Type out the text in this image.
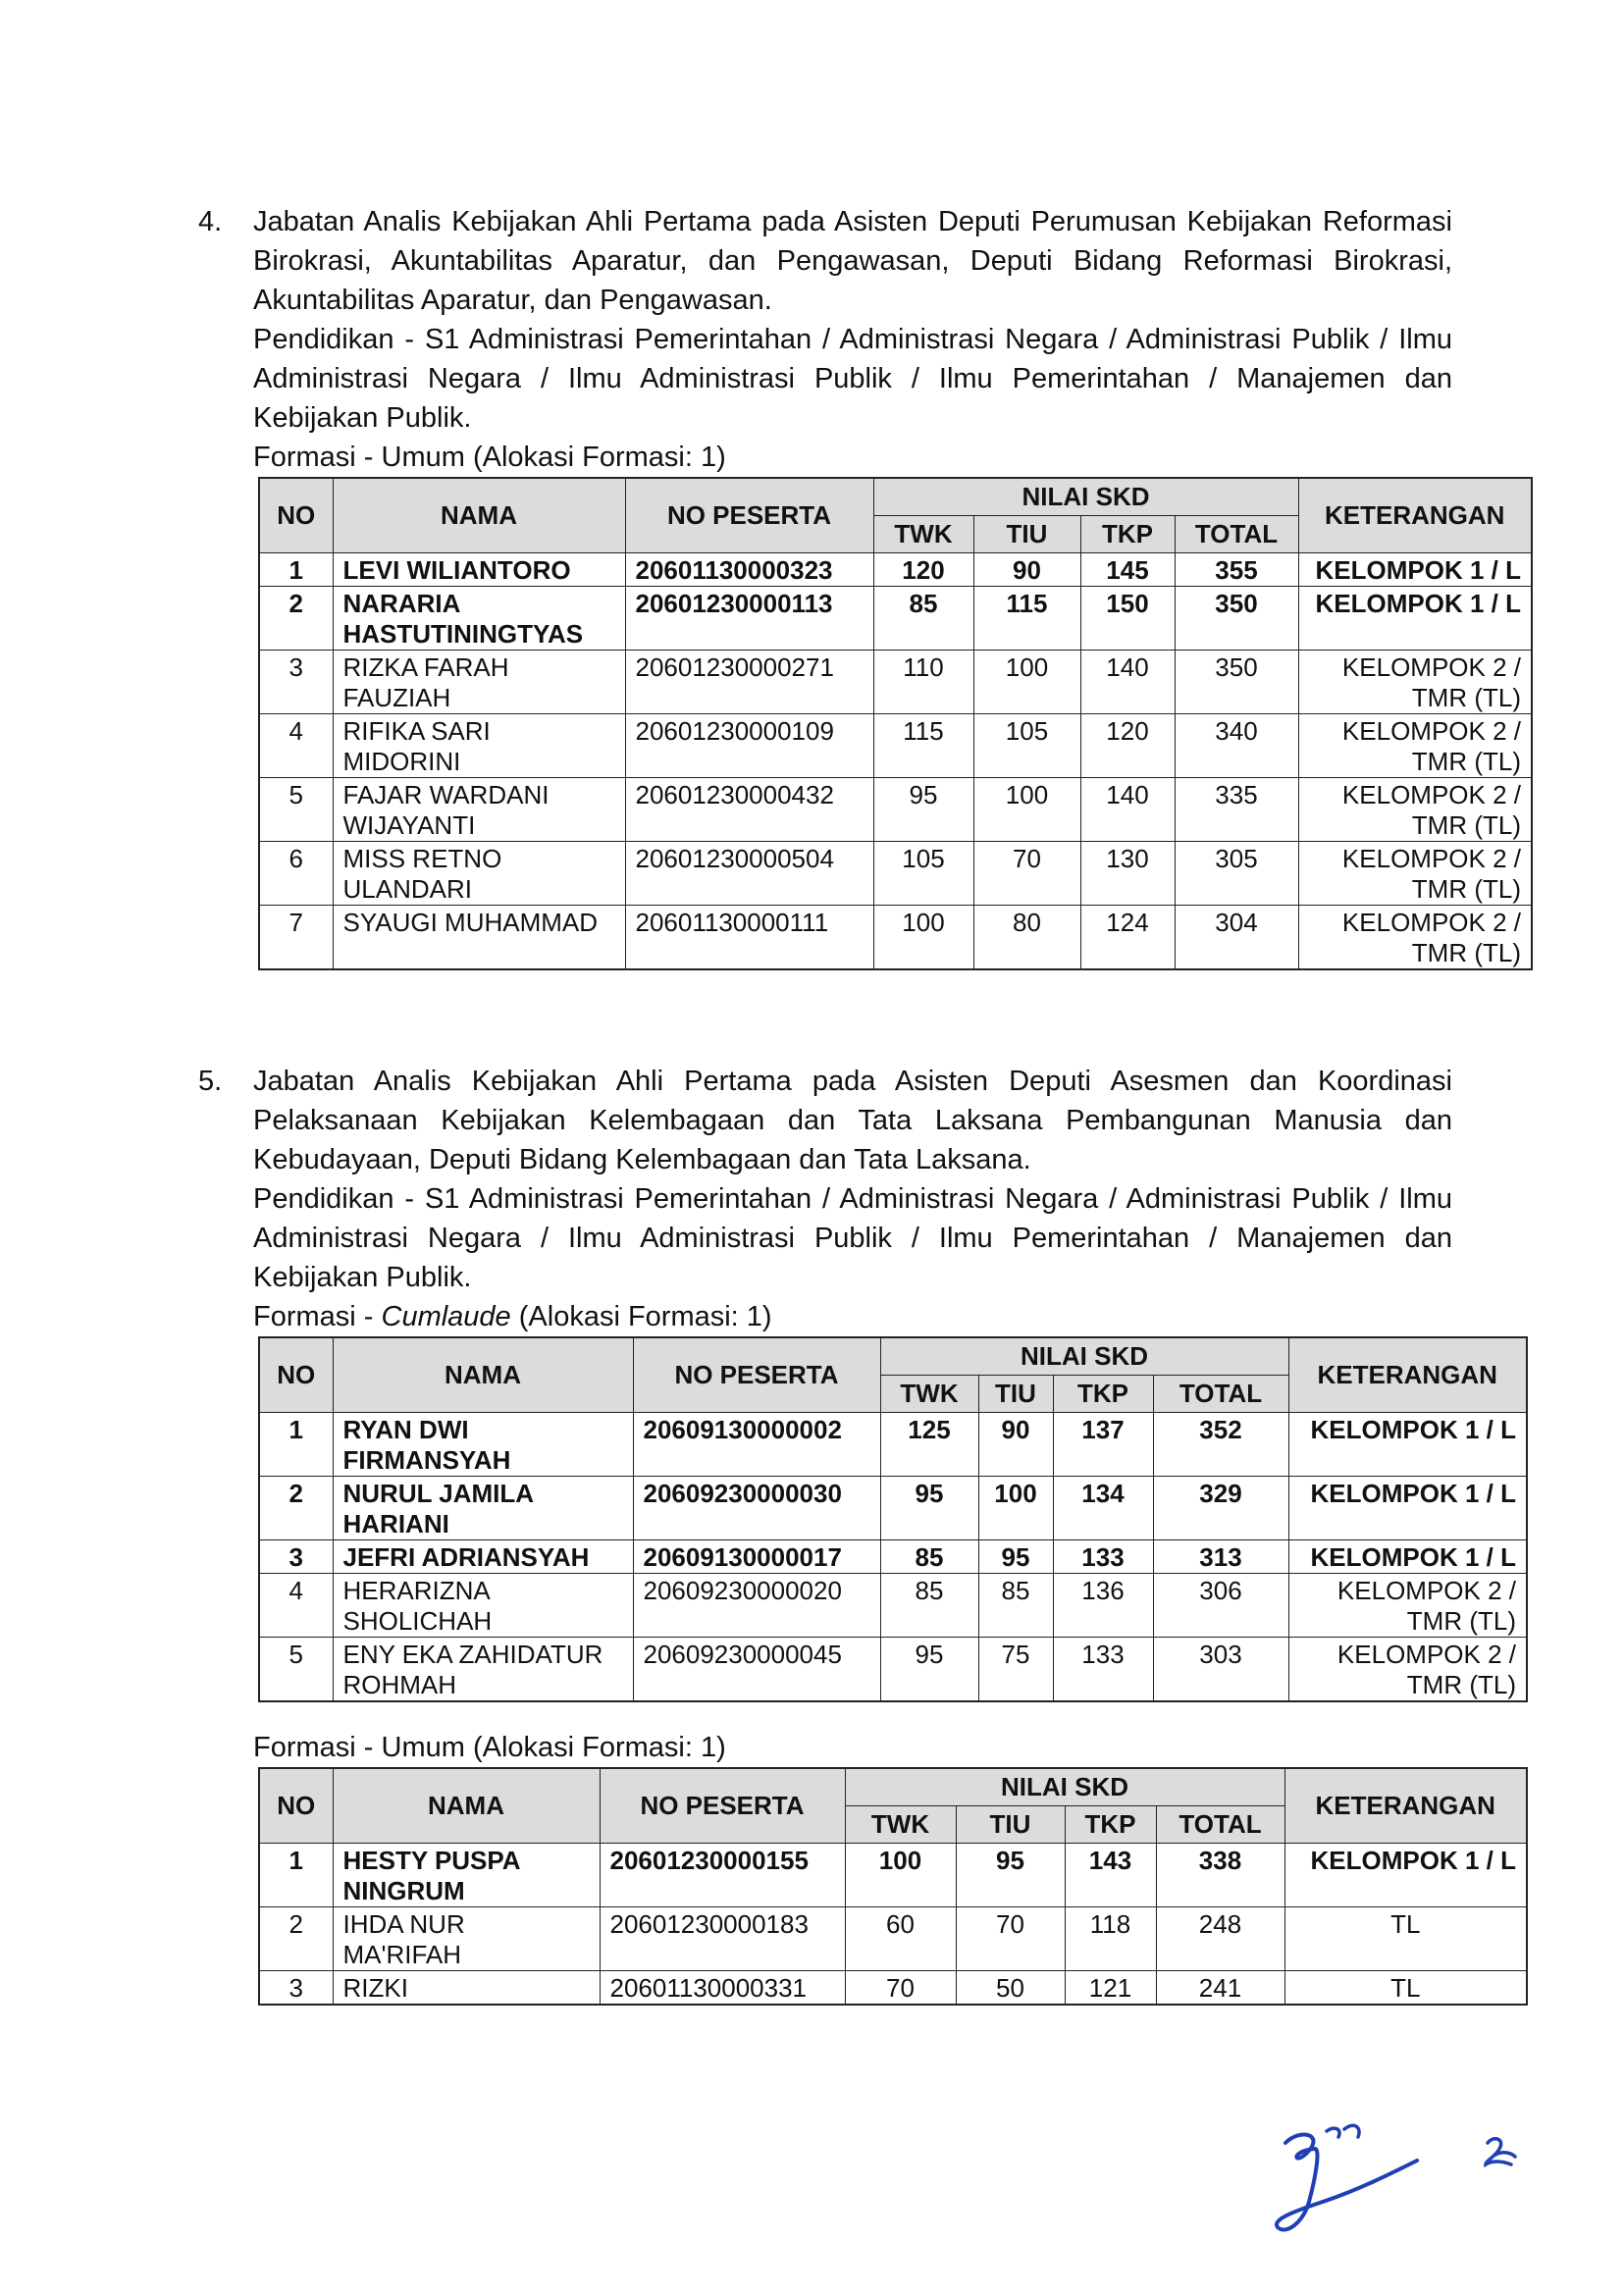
4. Jabatan Analis Kebijakan Ahli Pertama pada Asisten Deputi Perumusan Kebijakan Reformasi Birokrasi, Akuntabilitas Aparatur, dan Pengawasan, Deputi Bidang Reformasi Birokrasi, Akuntabilitas Aparatur, dan Pengawasan.

Pendidikan - S1 Administrasi Pemerintahan / Administrasi Negara / Administrasi Publik / Ilmu Administrasi Negara / Ilmu Administrasi Publik / Ilmu Pemerintahan / Manajemen dan Kebijakan Publik.

Formasi - Umum (Alokasi Formasi: 1)
NO	NAMA	NO PESERTA	NILAI SKD				KETERANGAN
			TWK	TIU	TKP	TOTAL	
1	LEVI WILIANTORO	20601130000323	120	90	145	355	KELOMPOK 1 / L
2	NARARIA HASTUTININGTYAS	20601230000113	85	115	150	350	KELOMPOK 1 / L
3	RIZKA FARAH FAUZIAH	20601230000271	110	100	140	350	KELOMPOK 2 / TMR (TL)
4	RIFIKA SARI MIDORINI	20601230000109	115	105	120	340	KELOMPOK 2 / TMR (TL)
5	FAJAR WARDANI WIJAYANTI	20601230000432	95	100	140	335	KELOMPOK 2 / TMR (TL)
6	MISS RETNO ULANDARI	20601230000504	105	70	130	305	KELOMPOK 2 / TMR (TL)
7	SYAUGI MUHAMMAD	20601130000111	100	80	124	304	KELOMPOK 2 / TMR (TL)
5. Jabatan Analis Kebijakan Ahli Pertama pada Asisten Deputi Asesmen dan Koordinasi Pelaksanaan Kebijakan Kelembagaan dan Tata Laksana Pembangunan Manusia dan Kebudayaan, Deputi Bidang Kelembagaan dan Tata Laksana.

Pendidikan - S1 Administrasi Pemerintahan / Administrasi Negara / Administrasi Publik / Ilmu Administrasi Negara / Ilmu Administrasi Publik / Ilmu Pemerintahan / Manajemen dan Kebijakan Publik.

Formasi - Cumlaude (Alokasi Formasi: 1)
NO	NAMA	NO PESERTA	NILAI SKD				KETERANGAN
			TWK	TIU	TKP	TOTAL	
1	RYAN DWI FIRMANSYAH	20609130000002	125	90	137	352	KELOMPOK 1 / L
2	NURUL JAMILA HARIANI	20609230000030	95	100	134	329	KELOMPOK 1 / L
3	JEFRI ADRIANSYAH	20609130000017	85	95	133	313	KELOMPOK 1 / L
4	HERARIZNA SHOLICHAH	20609230000020	85	85	136	306	KELOMPOK 2 / TMR (TL)
5	ENY EKA ZAHIDATUR ROHMAH	20609230000045	95	75	133	303	KELOMPOK 2 / TMR (TL)
Formasi - Umum (Alokasi Formasi: 1)
NO	NAMA	NO PESERTA	NILAI SKD				KETERANGAN
			TWK	TIU	TKP	TOTAL	
1	HESTY PUSPA NINGRUM	20601230000155	100	95	143	338	KELOMPOK 1 / L
2	IHDA NUR MA'RIFAH	20601230000183	60	70	118	248	TL
3	RIZKI	20601130000331	70	50	121	241	TL
